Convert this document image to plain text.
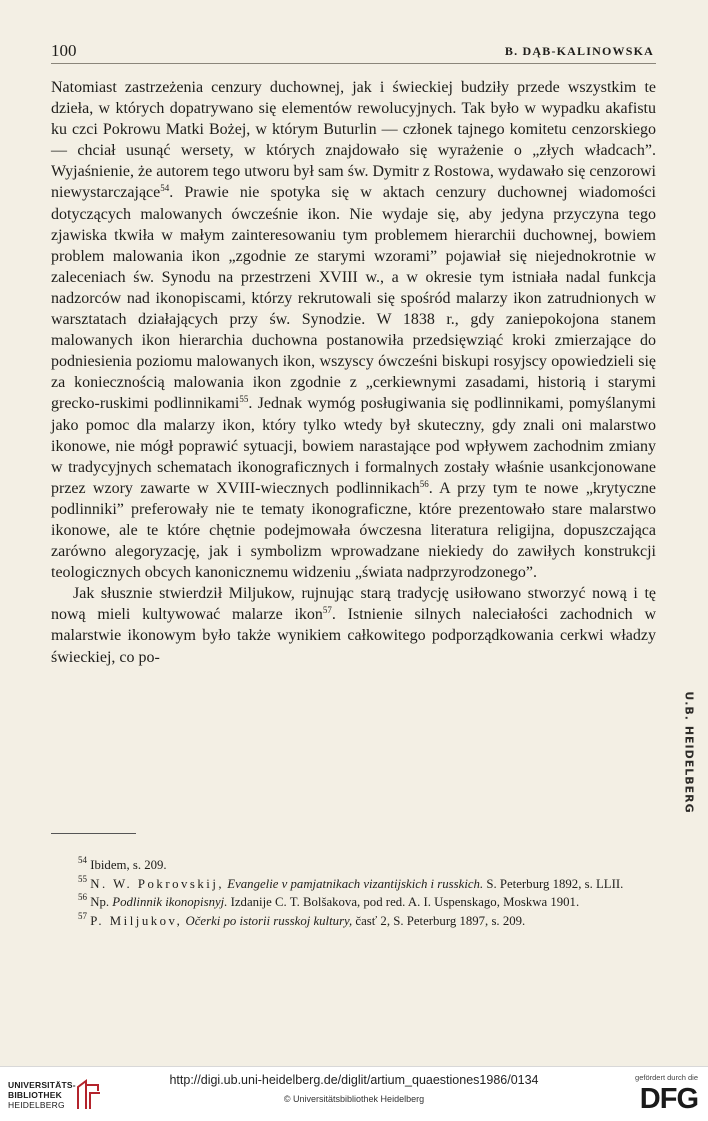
100	B. DĄB-KALINOWSKA

Natomiast zastrzeżenia cenzury duchownej, jak i świeckiej budziły przede wszystkim te dzieła, w których dopatrywano się elementów rewolucyjnych. Tak było w wypadku akafistu ku czci Pokrowu Matki Bożej, w którym Buturlin — członek tajnego komitetu cenzorskiego — chciał usunąć wersety, w których znajdowało się wyrażenie o „złych władcach”. Wyjaśnienie, że autorem tego utworu był sam św. Dymitr z Rostowa, wydawało się cenzorowi niewystarczające$^{54}$. Prawie nie spotyka się w aktach cenzury duchownej wiadomości dotyczących malowanych ówcześnie ikon. Nie wydaje się, aby jedyna przyczyna tego zjawiska tkwiła w małym zainteresowaniu tym problemem hierarchii duchownej, bowiem problem malowania ikon „zgodnie ze starymi wzorami” pojawiał się niejednokrotnie w zaleceniach św. Synodu na przestrzeni XVIII w., a w okresie tym istniała nadal funkcja nadzorców nad ikonopiscami, którzy rekrutowali się spośród malarzy ikon zatrudnionych w warsztatach działających przy św. Synodzie. W 1838 r., gdy zaniepokojona stanem malowanych ikon hierarchia duchowna postanowiła przedsięwziąć kroki zmierzające do podniesienia poziomu malowanych ikon, wszyscy ówcześni biskupi rosyjscy opowiedzieli się za koniecznością malowania ikon zgodnie z „cerkiewnymi zasadami, historią i starymi grecko-ruskimi podlinnikami$^{55}$. Jednak wymóg posługiwania się podlinnikami, pomyślanymi jako pomoc dla malarzy ikon, który tylko wtedy był skuteczny, gdy znali oni malarstwo ikonowe, nie mógł poprawić sytuacji, bowiem narastające pod wpływem zachodnim zmiany w tradycyjnych schematach ikonograficznych i formalnych zostały właśnie usankcjonowane przez wzory zawarte w XVIII-wiecznych podlinnikach$^{56}$. A przy tym te nowe „krytyczne podlinniki” preferowały nie te tematy ikonograficzne, które prezentowało stare malarstwo ikonowe, ale te które chętnie podejmowała ówczesna literatura religijna, dopuszczająca zarówno alegoryzację, jak i symbolizm wprowadzane niekiedy do zawiłych konstrukcji teologicznych obcych kanonicznemu widzeniu „świata nadprzyrodzonego”.

Jak słusznie stwierdził Miljukow, rujnując starą tradycję usiłowano stworzyć nową i tę nową mieli kultywować malarze ikon$^{57}$. Istnienie silnych naleciałości zachodnich w malarstwie ikonowym było także wynikiem całkowitego podporządkowania cerkwi władzy świeckiej, co po-

$^{54}$ Ibidem, s. 209.

$^{55}$ N. W. Pokrovskij, Evangelie v pamjatnikach vizantijskich i russkich. S. Peterburg 1892, s. LLII.

$^{56}$ Np. Podlinnik ikonopisnyj. Izdanije C. T. Bolšakova, pod red. A. I. Uspenskago, Moskwa 1901.

$^{57}$ P. Miljukov, Očerki po istorii russkoj kultury, časť 2, S. Peterburg 1897, s. 209.

U.B. HEIDELBERG
UNIVERSITÄTS-
BIBLIOTHEK
HEIDELBERG
http://digi.ub.uni-heidelberg.de/diglit/artium_quaestiones1986/0134
© Universitätsbibliothek Heidelberg
gefördert durch die
DFG
